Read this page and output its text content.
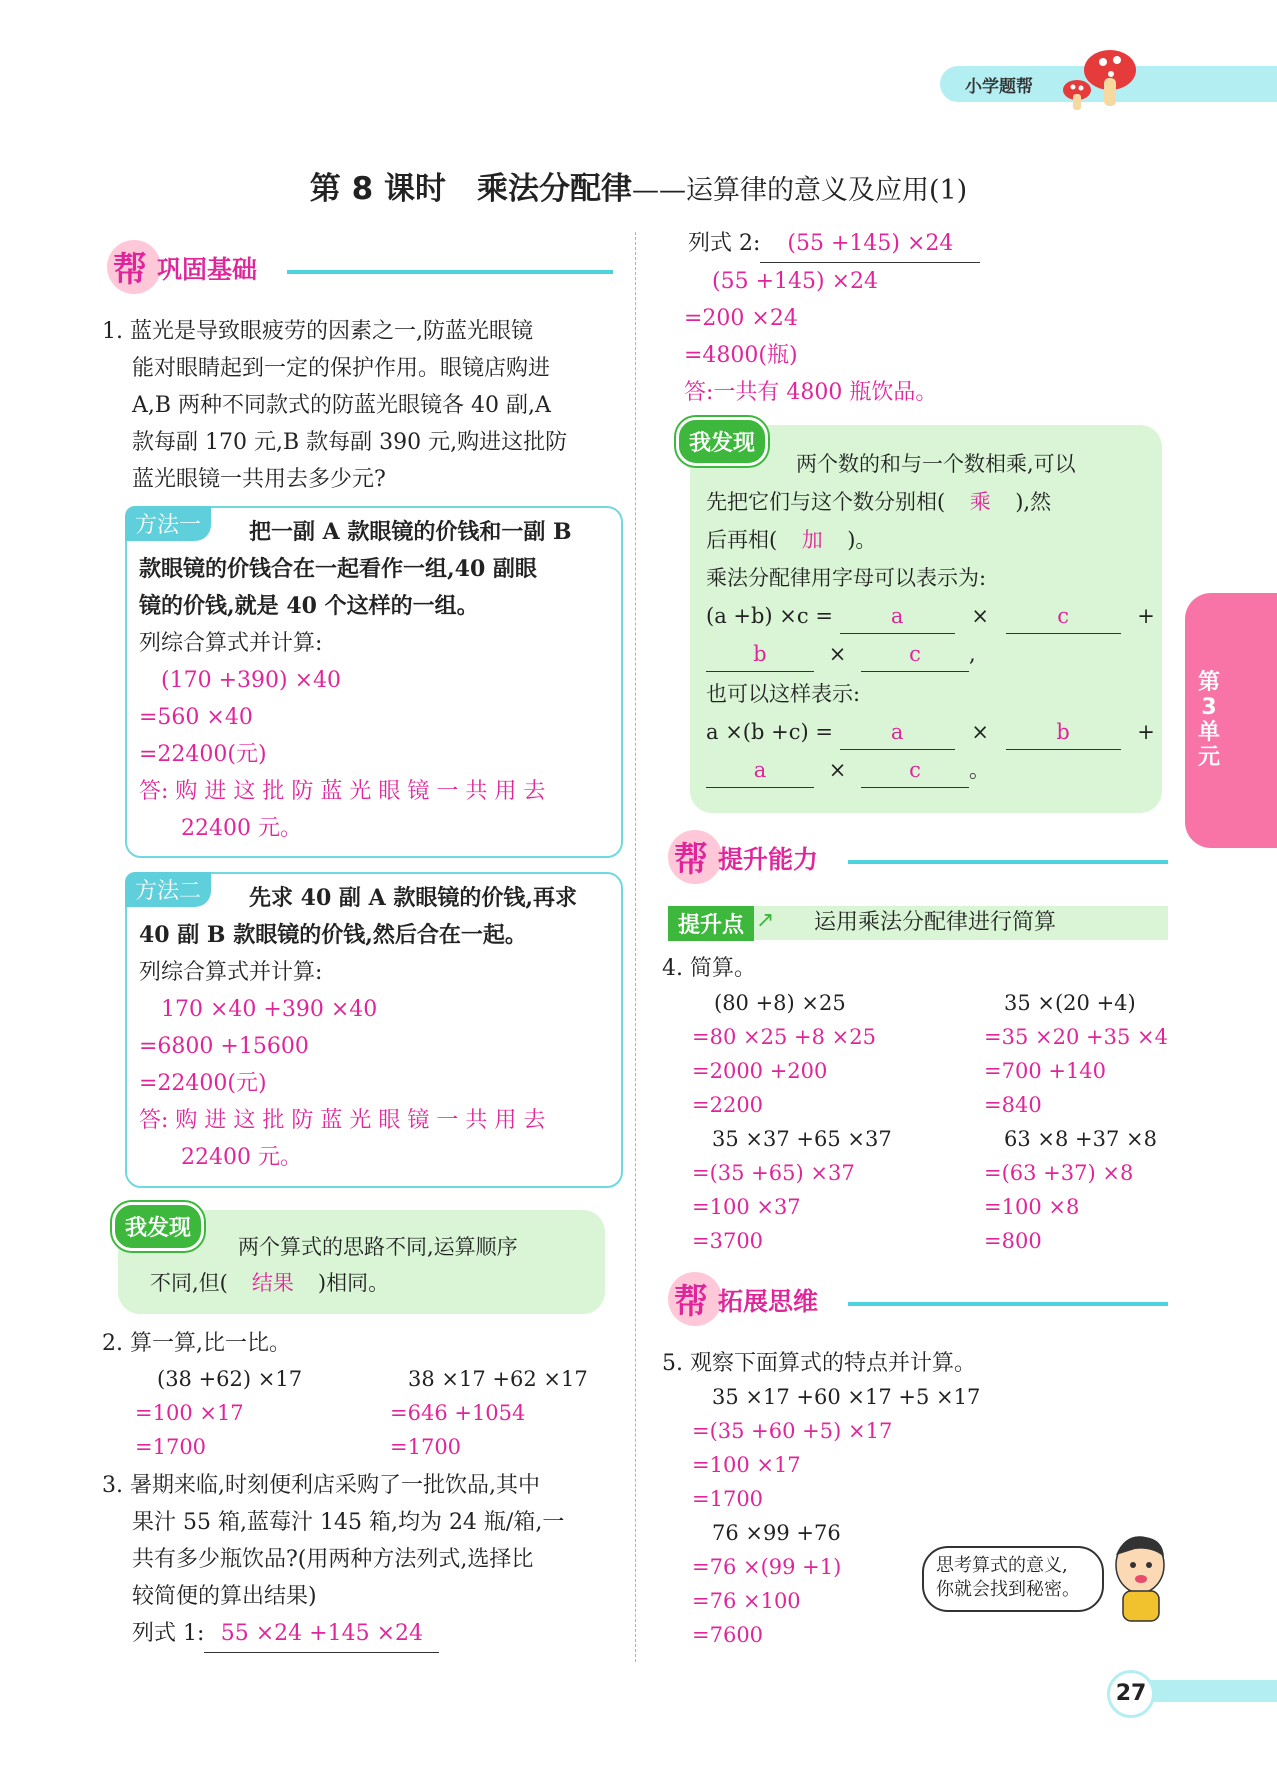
小学题帮
第 8 课时　乘法分配律——运算律的意义及应用(1)
帮 巩固基础
1. 蓝光是导致眼疲劳的因素之一,防蓝光眼镜
能对眼睛起到一定的保护作用。眼镜店购进
A,B 两种不同款式的防蓝光眼镜各 40 副,A
款每副 170 元,B 款每副 390 元,购进这批防
蓝光眼镜一共用去多少元?
方法一	把一副 A 款眼镜的价钱和一副 B
款眼镜的价钱合在一起看作一组,40 副眼
镜的价钱,就是 40 个这样的一组。
列综合算式并计算:
(170 +390) ×40
=560 ×40
=22400(元)
答: 购 进 这 批 防 蓝 光 眼 镜 一 共 用 去
22400 元。
方法二	先求 40 副 A 款眼镜的价钱,再求
40 副 B 款眼镜的价钱,然后合在一起。
列综合算式并计算:
170 ×40 +390 ×40
=6800 +15600
=22400(元)
答: 购 进 这 批 防 蓝 光 眼 镜 一 共 用 去
22400 元。
我发现
两个算式的思路不同,运算顺序
不同,但( 结果 )相同。
2. 算一算,比一比。
(38 +62) ×17
=100 ×17
=1700
38 ×17 +62 ×17
=646 +1054
=1700
3. 暑期来临,时刻便利店采购了一批饮品,其中
果汁 55 箱,蓝莓汁 145 箱,均为 24 瓶/箱,一
共有多少瓶饮品?(用两种方法列式,选择比
较简便的算出结果)
列式 1: 55 ×24 +145 ×24
列式 2: (55 +145) ×24
(55 +145) ×24
=200 ×24
=4800(瓶)
答:一共有 4800 瓶饮品。
我发现
两个数的和与一个数相乘,可以
先把它们与这个数分别相( 乘 ),然
后再相( 加 )。
乘法分配律用字母可以表示为:
(a +b) ×c =	a	×	c	+
b	×	c ,
也可以这样表示:
a ×(b +c) =	a	×	b	+
a	×	c 。
帮 提升能力
提升点 ↗ 运用乘法分配律进行简算
4. 简算。
(80 +8) ×25
=80 ×25 +8 ×25
=2000 +200
=2200
35 ×37 +65 ×37
=(35 +65) ×37
=100 ×37
=3700
35 ×(20 +4)
=35 ×20 +35 ×4
=700 +140
=840
63 ×8 +37 ×8
=(63 +37) ×8
=100 ×8
=800
帮 拓展思维
5. 观察下面算式的特点并计算。
35 ×17 +60 ×17 +5 ×17
=(35 +60 +5) ×17
=100 ×17
=1700
76 ×99 +76
=76 ×(99 +1)
=76 ×100
=7600
思考算式的意义,
你就会找到秘密。
第3单元
27
